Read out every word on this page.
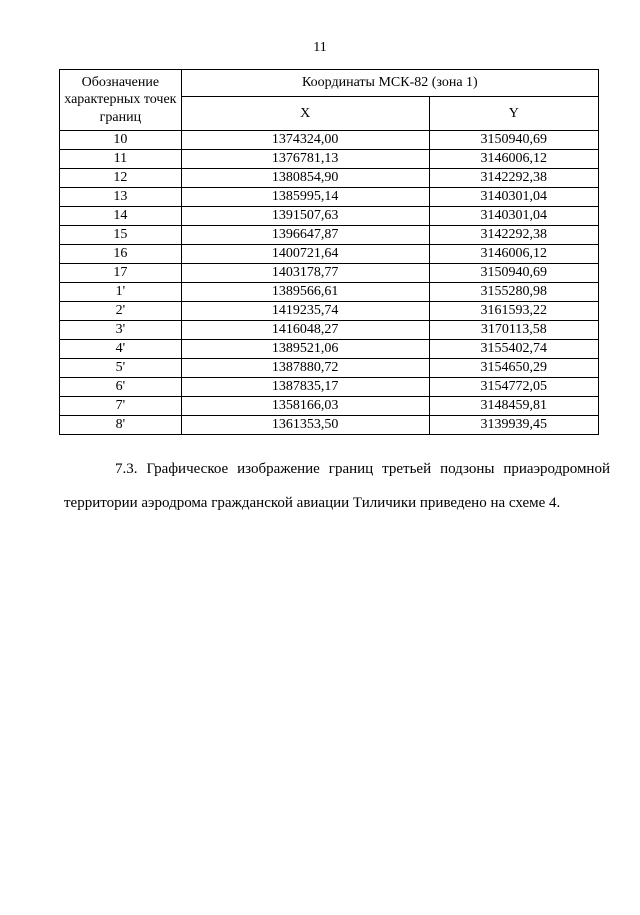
11
Обозначение характерных точек границ	Координаты МСК-82 (зона 1)	
	X	Y
10	1374324,00	3150940,69
11	1376781,13	3146006,12
12	1380854,90	3142292,38
13	1385995,14	3140301,04
14	1391507,63	3140301,04
15	1396647,87	3142292,38
16	1400721,64	3146006,12
17	1403178,77	3150940,69
1'	1389566,61	3155280,98
2'	1419235,74	3161593,22
3'	1416048,27	3170113,58
4'	1389521,06	3155402,74
5'	1387880,72	3154650,29
6'	1387835,17	3154772,05
7'	1358166,03	3148459,81
8'	1361353,50	3139939,45

7.3. Графическое изображение границ третьей подзоны приаэродромной территории аэродрома гражданской авиации Тиличики приведено на схеме 4.
